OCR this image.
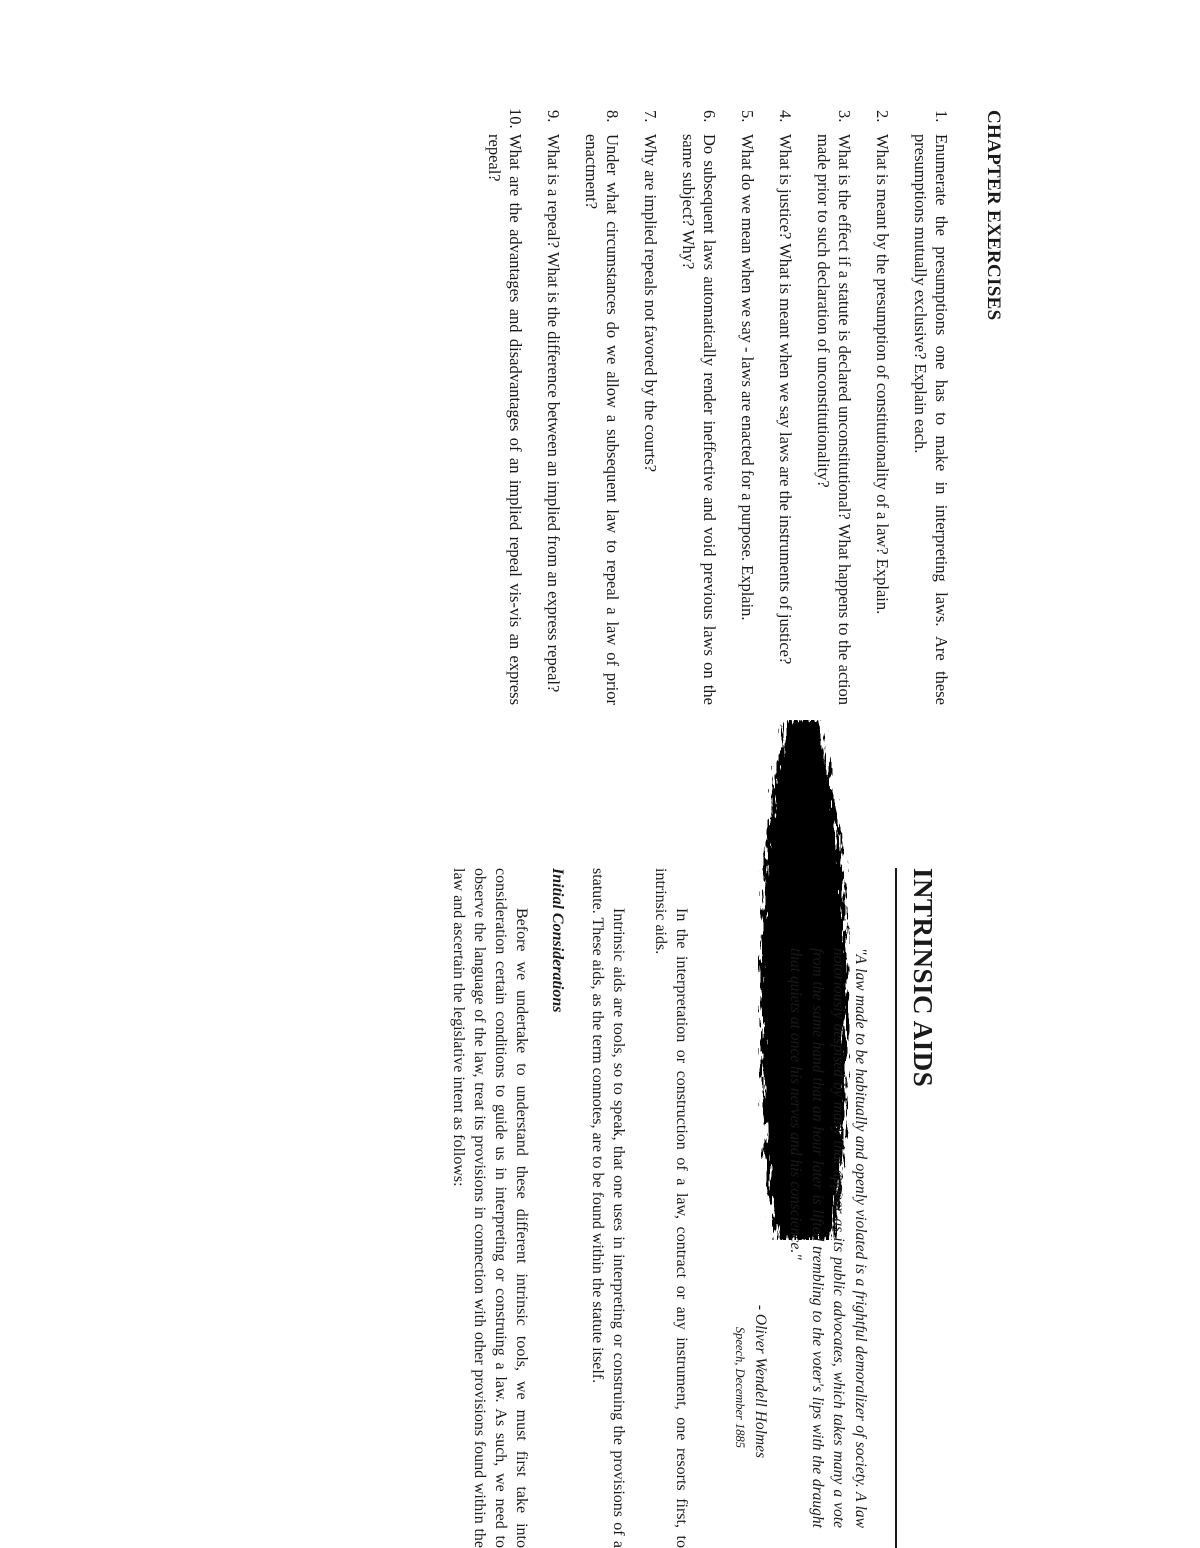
CHAPTER EXERCISES
1.
Enumerate the presumptions one has to make in interpreting laws. Are these presumptions mutually exclusive? Explain each.
2.
What is meant by the presumption of constitutionality of a law? Explain.
3.
What is the effect if a statute is declared unconstitutional? What happens to the action made prior to such declaration of unconstitutionality?
4.
What is justice? What is meant when we say laws are the instruments of justice?
5.
What do we mean when we say - laws are enacted for a purpose. Explain.
6.
Do subsequent laws automatically render ineffective and void previous laws on the same subject? Why?
7.
Why are implied repeals not favored by the courts?
8.
Under what circumstances do we allow a subsequent law to repeal a law of prior enactment?
9.
What is a repeal? What is the difference between an implied from an express repeal?
10.
What are the advantages and disadvantages of an implied repeal vis-vis an express repeal?
INTRINSIC AIDS

"A law made to be habitually and openly violated is a frightful demoralizer of society. A law notoriously despised by many that appear as its public advocates, which takes many a vote from the same hand that an hour later is lifted trembling to the voter's lips with the draught that quiets at once his nerves and his conscience."

- Oliver Wendell Holmes
Speech, December 1885

In the interpretation or construction of a law, contract or any instrument, one resorts first, to intrinsic aids.

Intrinsic aids are tools, so to speak, that one uses in interpreting or construing the provisions of a statute. These aids, as the term connotes, are to be found within the statute itself.

Initial Considerations

Before we undertake to understand these different intrinsic tools, we must first take into consideration certain conditions to guide us in interpreting or construing a law. As such, we need to observe the language of the law, treat its provisions in connection with other provisions found within the law and ascertain the legislative intent as follows:
